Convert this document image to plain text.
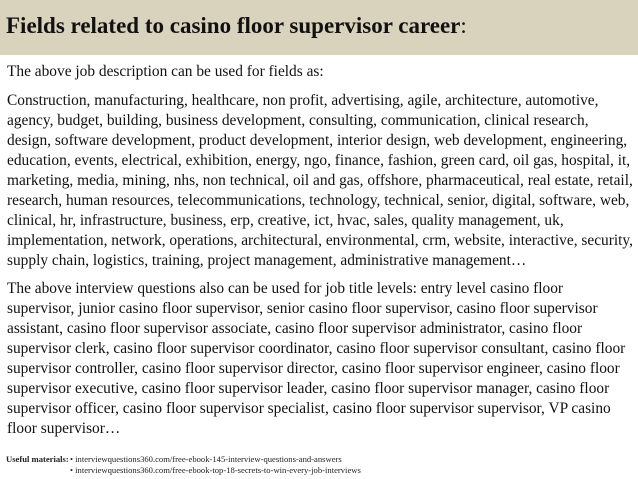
Fields related to casino floor supervisor career:

The above job description can be used for fields as:

Construction, manufacturing, healthcare, non profit, advertising, agile, architecture, automotive, agency, budget, building, business development, consulting, communication, clinical research, design, software development, product development, interior design, web development, engineering, education, events, electrical, exhibition, energy, ngo, finance, fashion, green card, oil gas, hospital, it, marketing, media, mining, nhs, non technical, oil and gas, offshore, pharmaceutical, real estate, retail, research, human resources, telecommunications, technology, technical, senior, digital, software, web, clinical, hr, infrastructure, business, erp, creative, ict, hvac, sales, quality management, uk, implementation, network, operations, architectural, environmental, crm, website, interactive, security, supply chain, logistics, training, project management, administrative management…

The above interview questions also can be used for job title levels: entry level casino floor supervisor, junior casino floor supervisor, senior casino floor supervisor, casino floor supervisor assistant, casino floor supervisor associate, casino floor supervisor administrator, casino floor supervisor clerk, casino floor supervisor coordinator, casino floor supervisor consultant, casino floor supervisor controller, casino floor supervisor director, casino floor supervisor engineer, casino floor supervisor executive, casino floor supervisor leader, casino floor supervisor manager, casino floor supervisor officer, casino floor supervisor specialist, casino floor supervisor supervisor, VP casino floor supervisor…

Useful materials: • interviewquestions360.com/free-ebook-145-interview-questions-and-answers
• interviewquestions360.com/free-ebook-top-18-secrets-to-win-every-job-interviews
